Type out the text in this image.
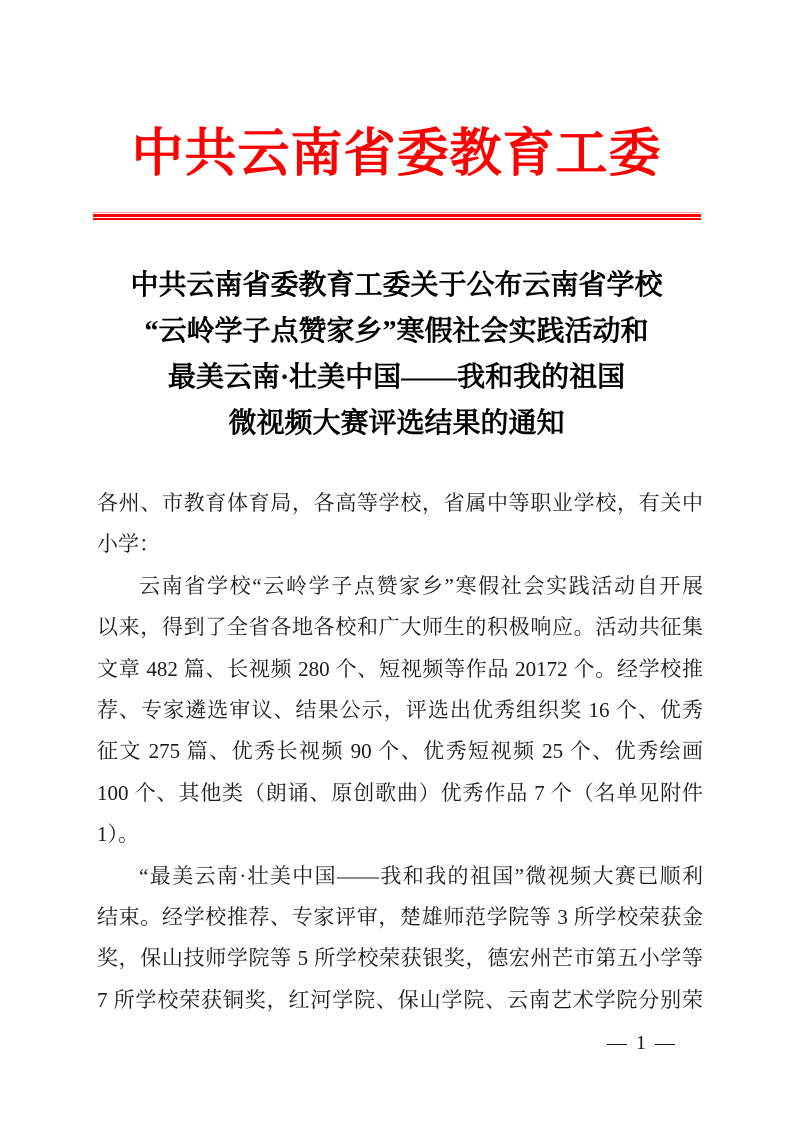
中共云南省委教育工委
中共云南省委教育工委关于公布云南省学校
“云岭学子点赞家乡”寒假社会实践活动和
最美云南·壮美中国——我和我的祖国
微视频大赛评选结果的通知
各州、市教育体育局，各高等学校，省属中等职业学校，有关中
小学：
云南省学校“云岭学子点赞家乡”寒假社会实践活动自开展
以来，得到了全省各地各校和广大师生的积极响应。活动共征集
文章 482 篇、长视频 280 个、短视频等作品 20172 个。经学校推
荐、专家遴选审议、结果公示，评选出优秀组织奖 16 个、优秀
征文 275 篇、优秀长视频 90 个、优秀短视频 25 个、优秀绘画
100 个、其他类（朗诵、原创歌曲）优秀作品 7 个（名单见附件
1）。
“最美云南·壮美中国——我和我的祖国”微视频大赛已顺利
结束。经学校推荐、专家评审，楚雄师范学院等 3 所学校荣获金
奖，保山技师学院等 5 所学校荣获银奖，德宏州芒市第五小学等
7 所学校荣获铜奖，红河学院、保山学院、云南艺术学院分别荣
— 1 —
